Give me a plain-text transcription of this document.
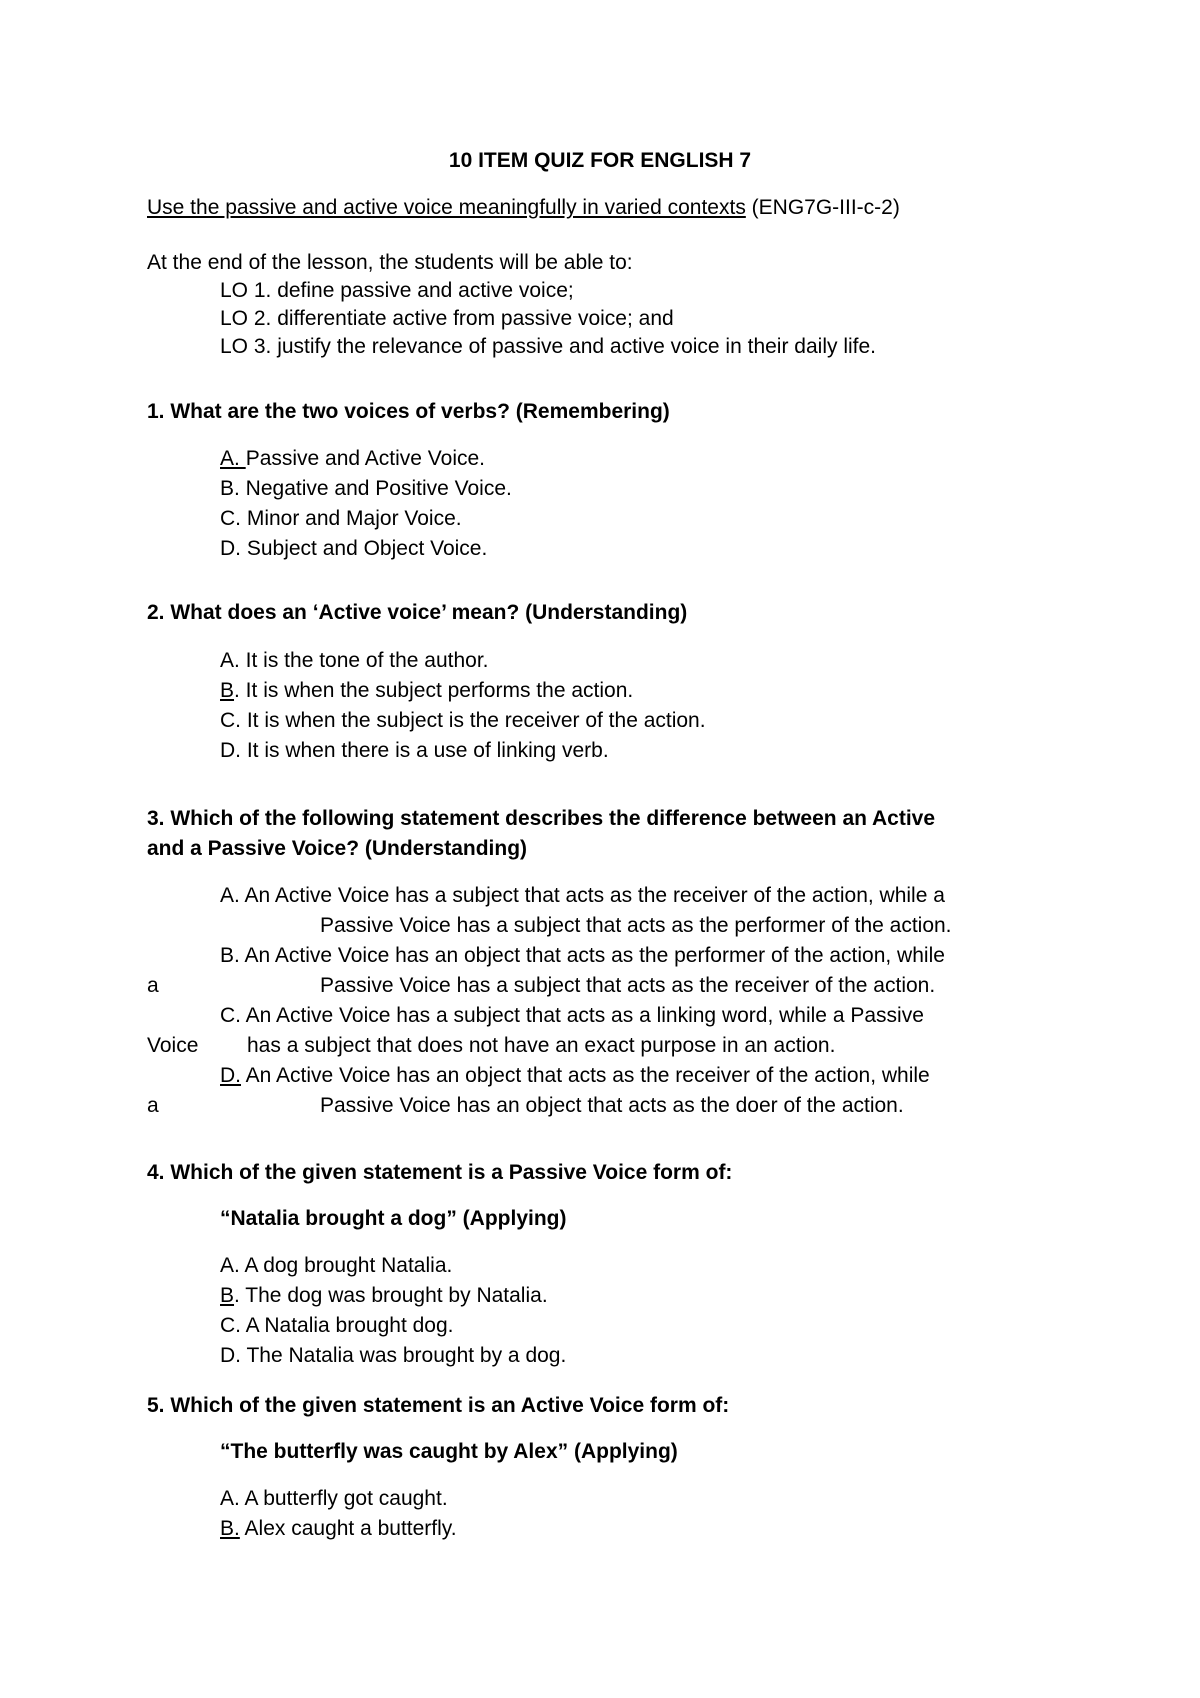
10 ITEM QUIZ FOR ENGLISH 7
Use the passive and active voice meaningfully in varied contexts (ENG7G-III-c-2)
At the end of the lesson, the students will be able to:
LO 1. define passive and active voice;
LO 2. differentiate active from passive voice; and
LO 3. justify the relevance of passive and active voice in their daily life.
1. What are the two voices of verbs? (Remembering)
A. Passive and Active Voice.
B. Negative and Positive Voice.
C. Minor and Major Voice.
D. Subject and Object Voice.
2. What does an ‘Active voice’ mean? (Understanding)
A. It is the tone of the author.
B. It is when the subject performs the action.
C. It is when the subject is the receiver of the action.
D. It is when there is a use of linking verb.
3. Which of the following statement describes the difference between an Active
and a Passive Voice? (Understanding)
A. An Active Voice has a subject that acts as the receiver of the action, while a
Passive Voice has a subject that acts as the performer of the action.
B. An Active Voice has an object that acts as the performer of the action, while
a	Passive Voice has a subject that acts as the receiver of the action.
C. An Active Voice has a subject that acts as a linking word, while a Passive
Voice has a subject that does not have an exact purpose in an action.
D. An Active Voice has an object that acts as the receiver of the action, while
a	Passive Voice has an object that acts as the doer of the action.
4. Which of the given statement is a Passive Voice form of:
“Natalia brought a dog” (Applying)
A. A dog brought Natalia.
B. The dog was brought by Natalia.
C. A Natalia brought dog.
D. The Natalia was brought by a dog.
5. Which of the given statement is an Active Voice form of:
“The butterfly was caught by Alex” (Applying)
A. A butterfly got caught.
B. Alex caught a butterfly.
